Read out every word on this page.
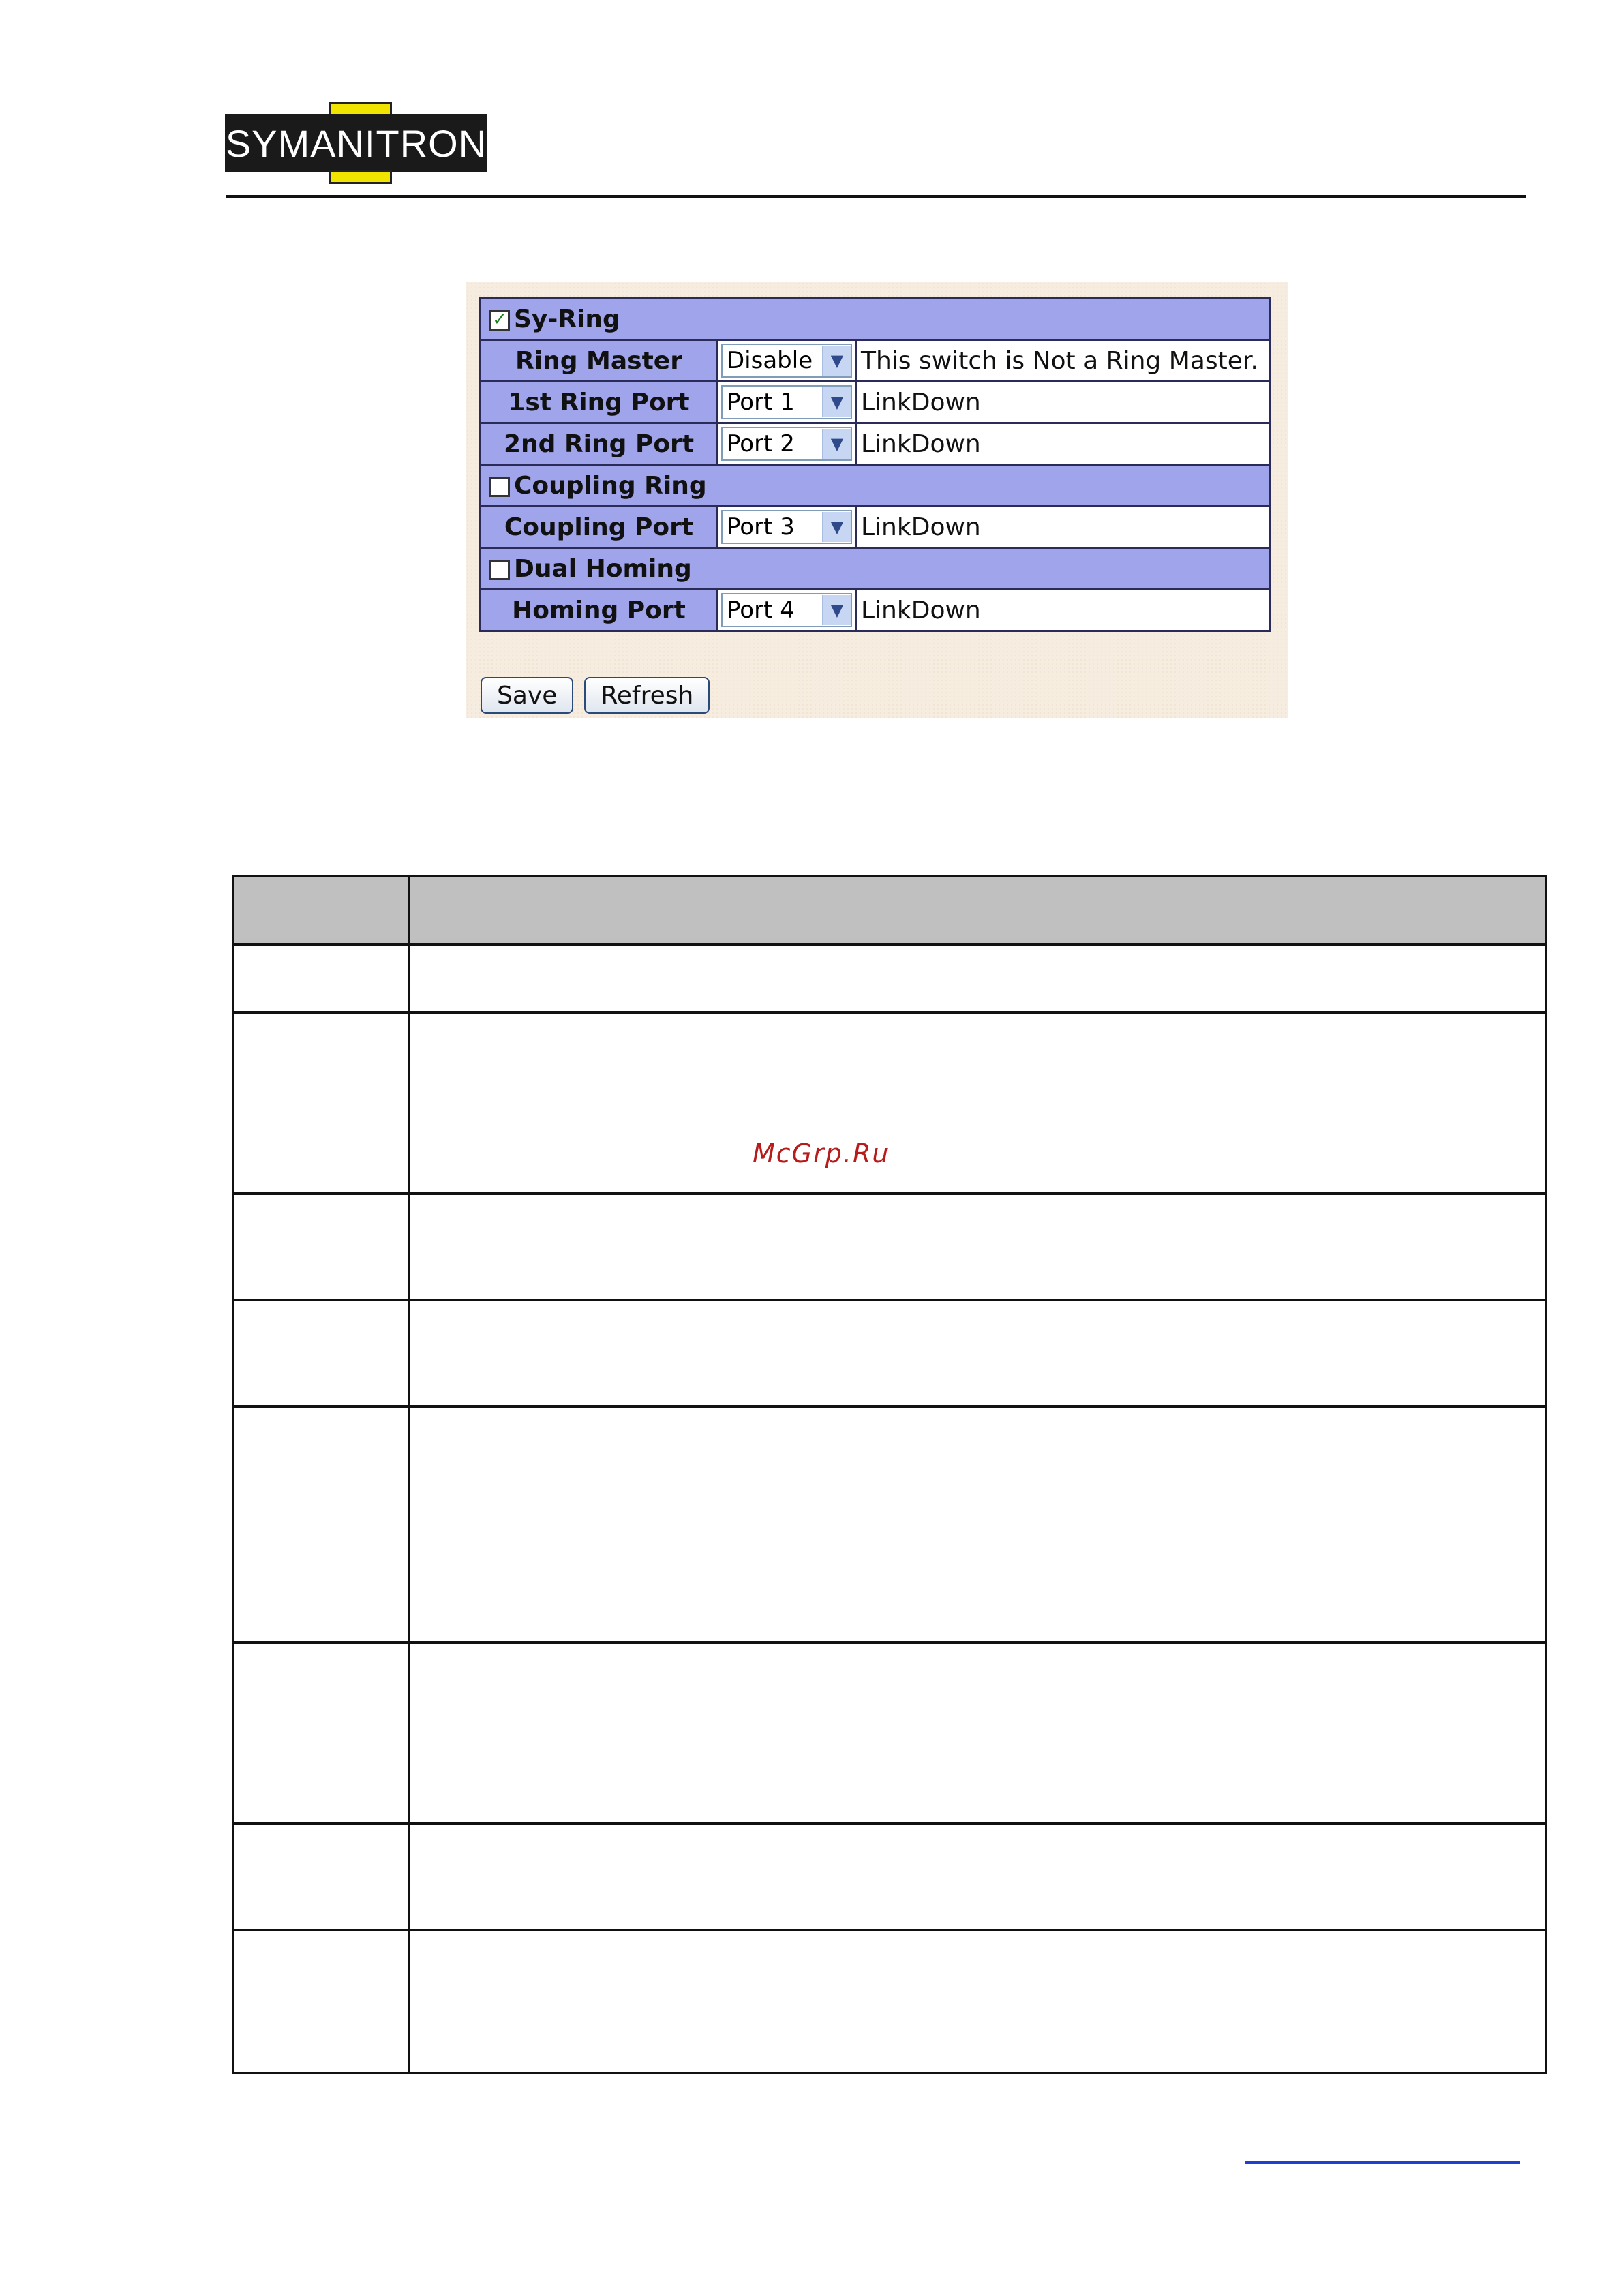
SYMANITRON
✓ Sy-Ring		
Ring Master	Disable ▼	This switch is Not a Ring Master.
1st Ring Port	Port 1 ▼	LinkDown
2nd Ring Port	Port 2 ▼	LinkDown
Coupling Ring		
Coupling Port	Port 3 ▼	LinkDown
Dual Homing		
Homing Port	Port 4 ▼	LinkDown
Save	Refresh

McGrp.Ru
